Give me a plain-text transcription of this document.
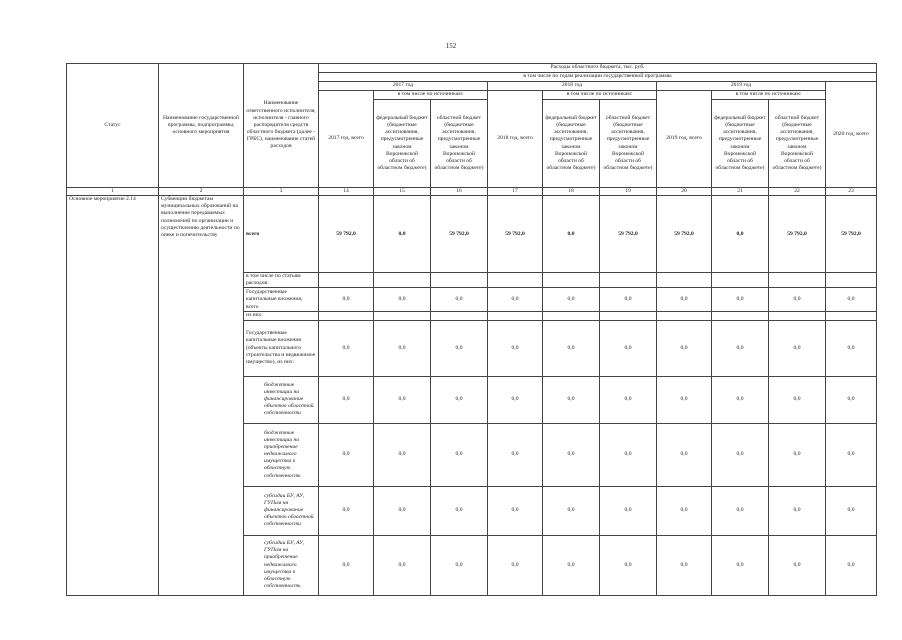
152
Статус	Наименование государственной программы, подпрограммы, основного мероприятия	Наименование ответственного исполнителя, исполнителя - главного распорядителя средств областного бюджета (далее - ГРБС), наименование статей расходов	Расходы областного бюджета, тыс. руб.									
			в том числе по годам реализации государственной программы									
			2017 год			2018 год			2019 год			2020 год, всего
			2017 год, всего	в том числе по источникам:		2018 год, всего	в том числе по источникам:		2019 год, всего	в том числе по источникам:		
				федеральный бюджет (бюджетные ассигнования, предусмотренные законом Воронежской области об областном бюджете)	областной бюджет (бюджетные ассигнования, предусмотренные законом Воронежской области об областном бюджете)		федеральный бюджет (бюджетные ассигнования, предусмотренные законом Воронежской области об областном бюджете)	областной бюджет (бюджетные ассигнования, предусмотренные законом Воронежской области об областном бюджете)		федеральный бюджет (бюджетные ассигнования, предусмотренные законом Воронежской области об областном бюджете)	областной бюджет (бюджетные ассигнования, предусмотренные законом Воронежской области об областном бюджете)	
1	2	3	14	15	16	17	18	19	20	21	22	23
Основное мероприятие 2.14	Субвенции бюджетам муниципальных образований на выполнение передаваемых полномочий по организации и осуществлению деятельности по опеке и попечительству	всего	59 792,0	0,0	59 792,0	59 792,0	0,0	59 792,0	59 792,0	0,0	59 792,0	59 792,0
		в том числе по статьям расходов:										
		Государственные капитальные вложения, всего	0,0	0,0	0,0	0,0	0,0	0,0	0,0	0,0	0,0	0,0
		из них:										
		Государственные капитальные вложения (объекты капитального строительства и недвижимое имущество), из них:	0,0	0,0	0,0	0,0	0,0	0,0	0,0	0,0	0,0	0,0
		бюджетные инвестиции на финансирование объектов областной собственности	0,0	0,0	0,0	0,0	0,0	0,0	0,0	0,0	0,0	0,0
		бюджетные инвестиции на приобретение недвижимого имущества в областную собственность	0,0	0,0	0,0	0,0	0,0	0,0	0,0	0,0	0,0	0,0
		субсидии БУ, АУ, ГУПам на финансирование объектов областной собственности	0,0	0,0	0,0	0,0	0,0	0,0	0,0	0,0	0,0	0,0
		субсидии БУ, АУ, ГУПам на приобретение недвижимого имущества в областную собственность	0,0	0,0	0,0	0,0	0,0	0,0	0,0	0,0	0,0	0,0
